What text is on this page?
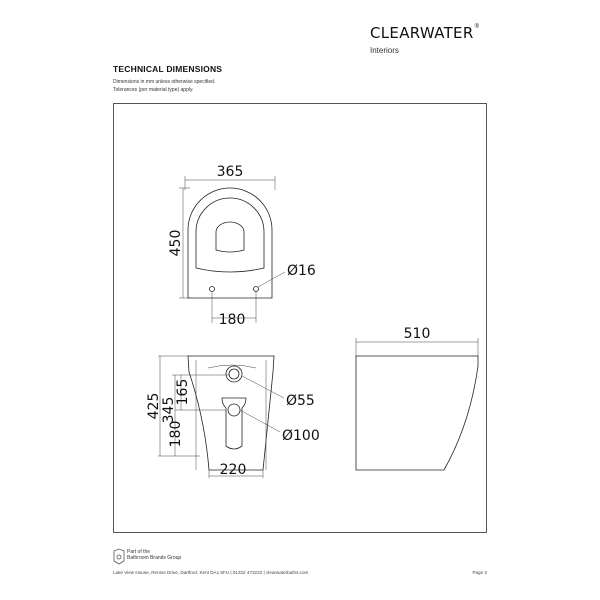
CLEARWATER®
Interiors
TECHNICAL DIMENSIONS
Dimensions in mm unless otherwise specified.
Tolerances (per material type) apply.
365
450
Ø16
180
Ø55
Ø100
425 345
165
180
220
510
Part of the
Bathroom Brands Group
Lake View House, Rennie Drive, Dartford, Kent DA1 5FU | 01322 473222 | clearwaterbaths.com	Page 2
